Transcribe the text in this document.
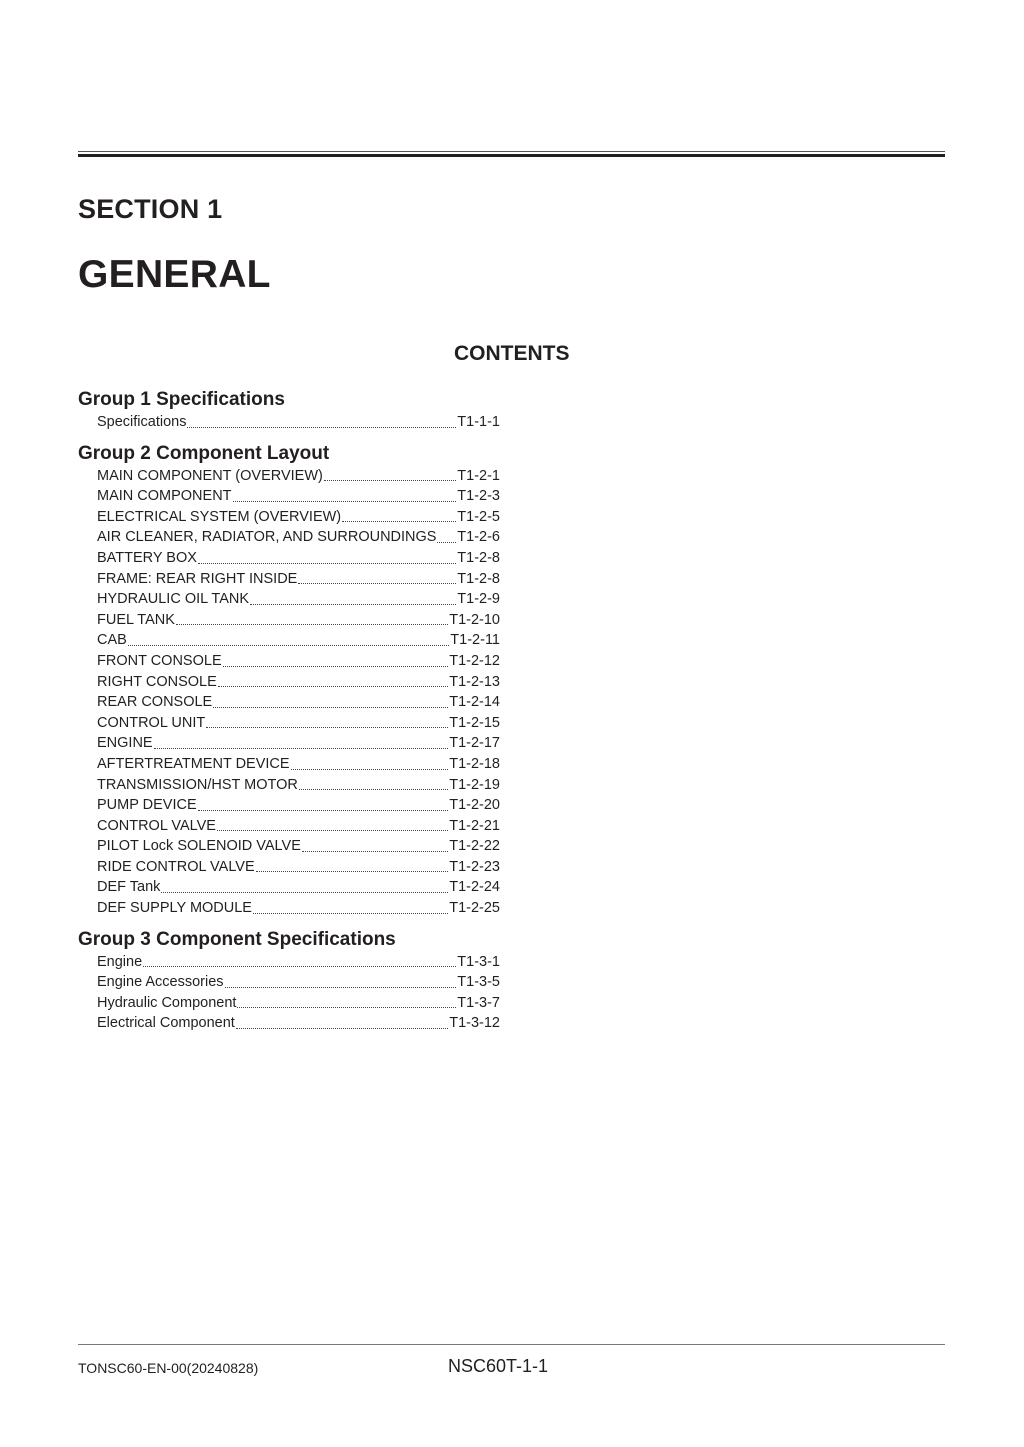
SECTION 1
GENERAL
CONTENTS
Group 1 Specifications
Specifications	T1-1-1
Group 2 Component Layout
MAIN COMPONENT (OVERVIEW)	T1-2-1
MAIN COMPONENT	T1-2-3
ELECTRICAL SYSTEM (OVERVIEW)	T1-2-5
AIR CLEANER, RADIATOR, AND SURROUNDINGS T1-2-6
BATTERY BOX	T1-2-8
FRAME: REAR RIGHT INSIDE	T1-2-8
HYDRAULIC OIL TANK	T1-2-9
FUEL TANK	T1-2-10
CAB	T1-2-11
FRONT CONSOLE	T1-2-12
RIGHT CONSOLE	T1-2-13
REAR CONSOLE	T1-2-14
CONTROL UNIT	T1-2-15
ENGINE	T1-2-17
AFTERTREATMENT DEVICE	T1-2-18
TRANSMISSION/HST MOTOR	T1-2-19
PUMP DEVICE	T1-2-20
CONTROL VALVE	T1-2-21
PILOT Lock SOLENOID VALVE	T1-2-22
RIDE CONTROL VALVE	T1-2-23
DEF Tank	T1-2-24
DEF SUPPLY MODULE	T1-2-25
Group 3 Component Specifications
Engine	T1-3-1
Engine Accessories	T1-3-5
Hydraulic Component	T1-3-7
Electrical Component	T1-3-12
TONSC60-EN-00(20240828)	NSC60T-1-1
